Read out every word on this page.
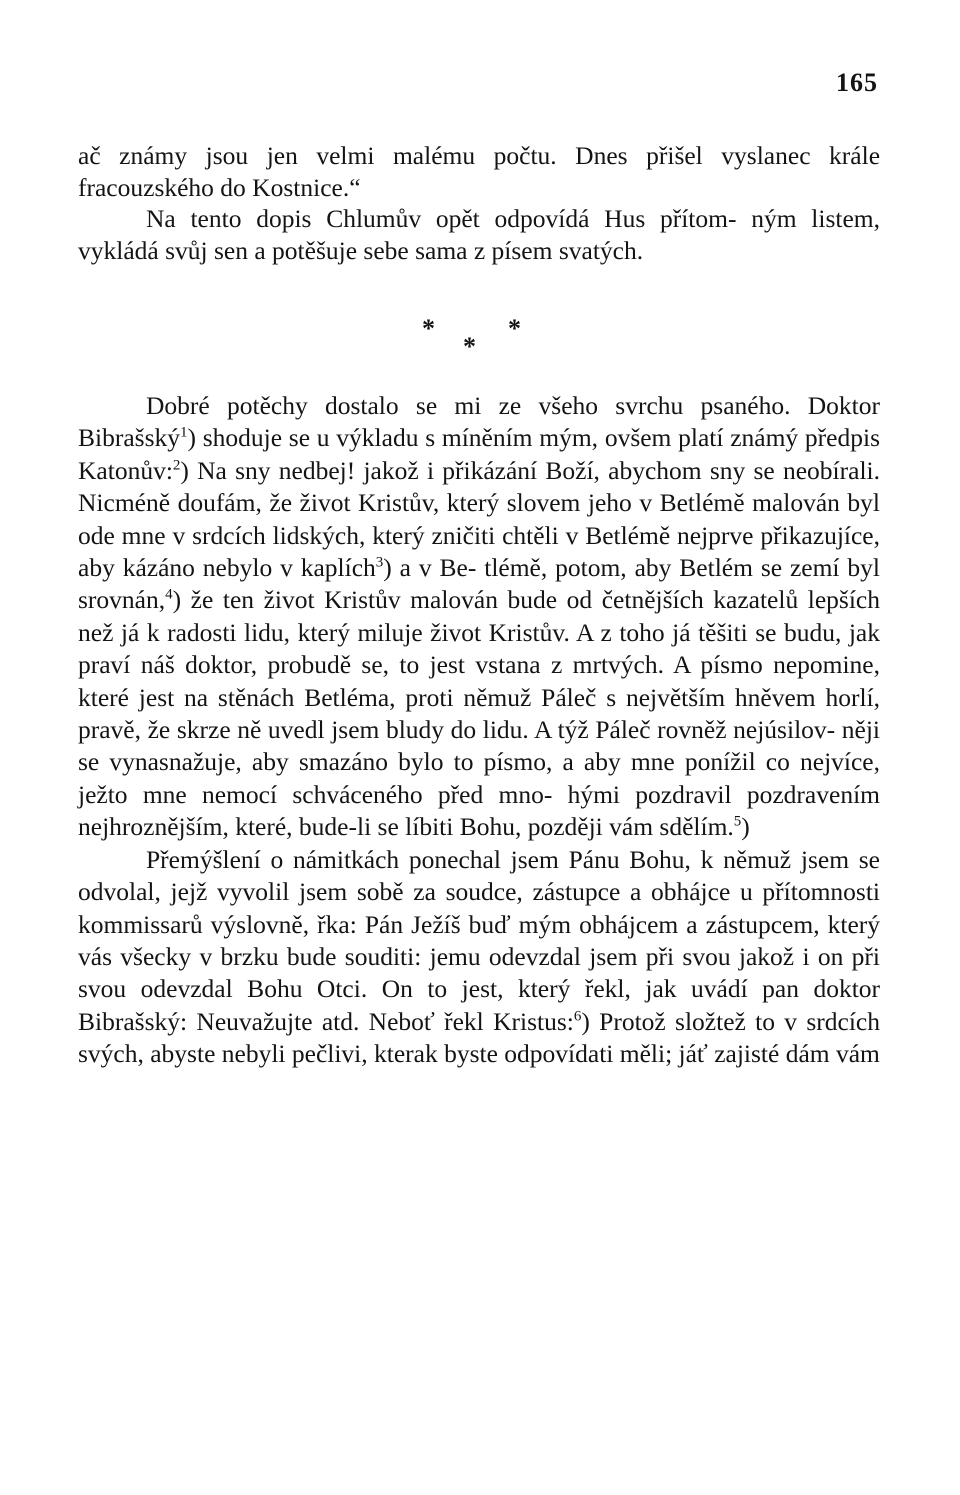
165

ač známy jsou jen velmi malému počtu. Dnes přišel vyslanec krále fracouzského do Kostnice.“

Na tento dopis Chlumův opět odpovídá Hus přítom- ným listem, vykládá svůj sen a potěšuje sebe sama z písem svatých.

*	*
*

Dobré potěchy dostalo se mi ze všeho svrchu psaného. Doktor Bibrašský$^1$) shoduje se u výkladu s míněním mým, ovšem platí známý předpis Katonův:$^2$) Na sny nedbej! jakož i přikázání Boží, abychom sny se neobírali. Nicméně doufám, že život Kristův, který slovem jeho v Betlémě malován byl ode mne v srdcích lidských, který zničiti chtěli v Betlémě nejprve přikazujíce, aby kázáno nebylo v kaplích$^3$) a v Be- tlémě, potom, aby Betlém se zemí byl srovnán,$^4$) že ten život Kristův malován bude od četnějších kazatelů lepších než já k radosti lidu, který miluje život Kristův. A z toho já těšiti se budu, jak praví náš doktor, probudě se, to jest vstana z mrtvých. A písmo nepomine, které jest na stěnách Betléma, proti němuž Páleč s největším hněvem horlí, pravě, že skrze ně uvedl jsem bludy do lidu. A týž Páleč rovněž nejúsilov- něji se vynasnažuje, aby smazáno bylo to písmo, a aby mne ponížil co nejvíce, ježto mne nemocí schváceného před mno- hými pozdravil pozdravením nejhroznějším, které, bude-li se líbiti Bohu, později vám sdělím.$^5$)

Přemýšlení o námitkách ponechal jsem Pánu Bohu, k němuž jsem se odvolal, jejž vyvolil jsem sobě za soudce, zástupce a obhájce u přítomnosti kommissarů výslovně, řka: Pán Ježíš buď mým obhájcem a zástupcem, který vás všecky v brzku bude souditi: jemu odevzdal jsem při svou jakož i on při svou odevzdal Bohu Otci. On to jest, který řekl, jak uvádí pan doktor Bibrašský: Neuvažujte atd. Neboť řekl Kristus:$^6$) Protož složtež to v srdcích svých, abyste nebyli pečlivi, kterak byste odpovídati měli; jáť zajisté dám vám
